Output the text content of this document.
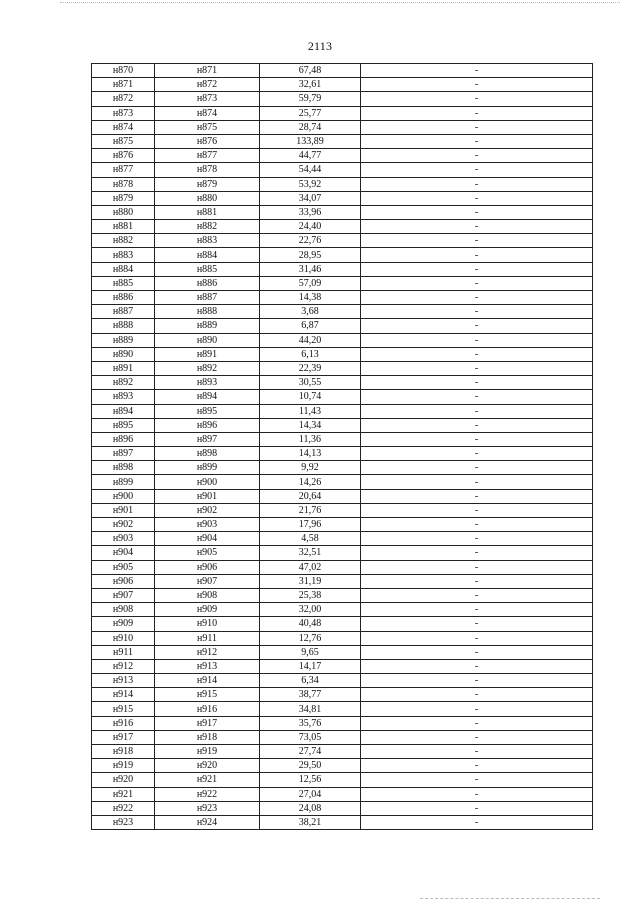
2113
н870	н871	67,48	-
н871	н872	32,61	-
н872	н873	59,79	-
н873	н874	25,77	-
н874	н875	28,74	-
н875	н876	133,89	-
н876	н877	44,77	-
н877	н878	54,44	-
н878	н879	53,92	-
н879	н880	34,07	-
н880	н881	33,96	-
н881	н882	24,40	-
н882	н883	22,76	-
н883	н884	28,95	-
н884	н885	31,46	-
н885	н886	57,09	-
н886	н887	14,38	-
н887	н888	3,68	-
н888	н889	6,87	-
н889	н890	44,20	-
н890	н891	6,13	-
н891	н892	22,39	-
н892	н893	30,55	-
н893	н894	10,74	-
н894	н895	11,43	-
н895	н896	14,34	-
н896	н897	11,36	-
н897	н898	14,13	-
н898	н899	9,92	-
н899	н900	14,26	-
н900	н901	20,64	-
н901	н902	21,76	-
н902	н903	17,96	-
н903	н904	4,58	-
н904	н905	32,51	-
н905	н906	47,02	-
н906	н907	31,19	-
н907	н908	25,38	-
н908	н909	32,00	-
н909	н910	40,48	-
н910	н911	12,76	-
н911	н912	9,65	-
н912	н913	14,17	-
н913	н914	6,34	-
н914	н915	38,77	-
н915	н916	34,81	-
н916	н917	35,76	-
н917	н918	73,05	-
н918	н919	27,74	-
н919	н920	29,50	-
н920	н921	12,56	-
н921	н922	27,04	-
н922	н923	24,08	-
н923	н924	38,21	-
